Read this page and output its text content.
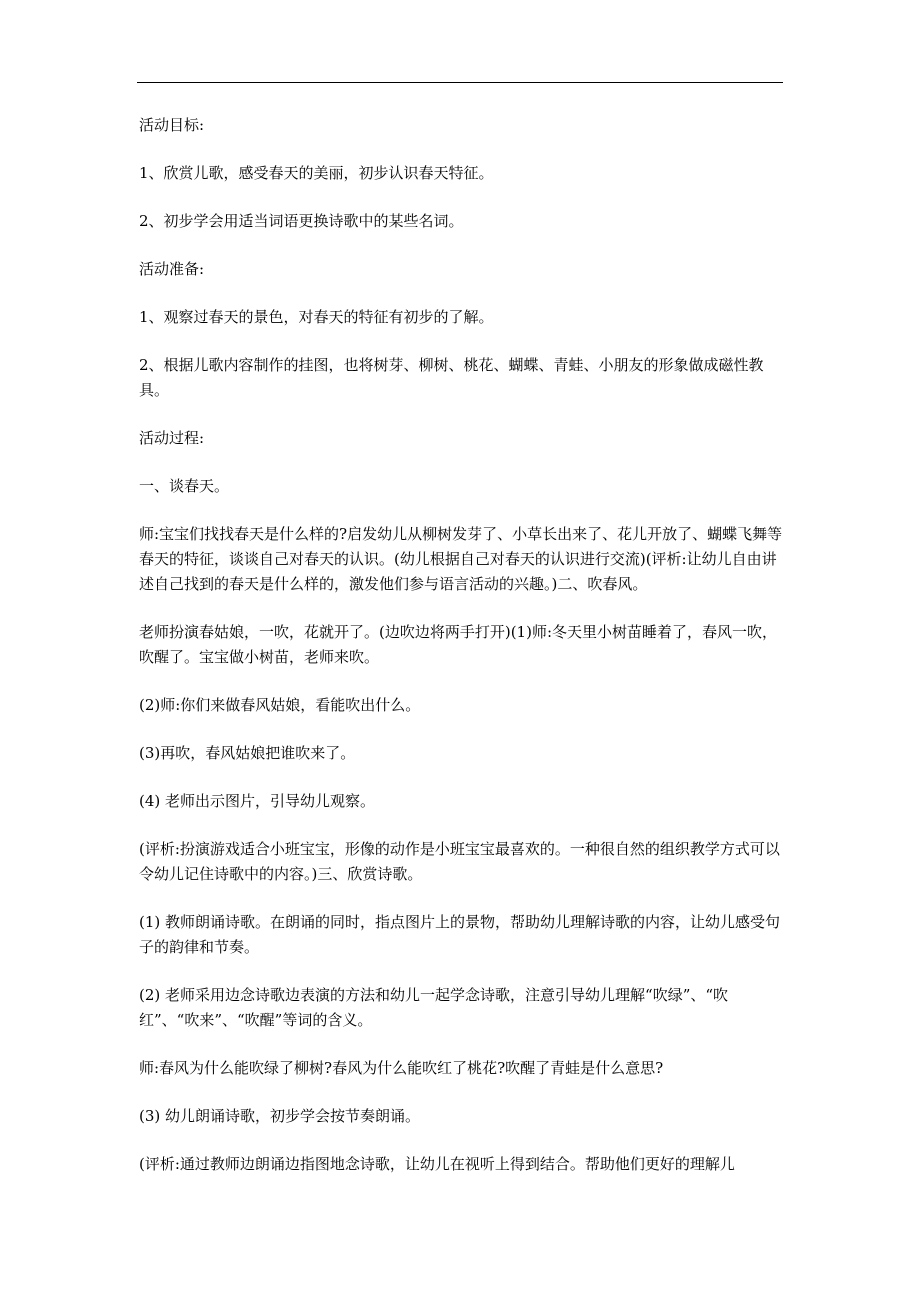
活动目标:

1、欣赏儿歌，感受春天的美丽，初步认识春天特征。

2、初步学会用适当词语更换诗歌中的某些名词。

活动准备:

1、观察过春天的景色，对春天的特征有初步的了解。

2、根据儿歌内容制作的挂图，也将树芽、柳树、桃花、蝴蝶、青蛙、小朋友的形象做成磁性教具。

活动过程:

一、谈春天。

师:宝宝们找找春天是什么样的?启发幼儿从柳树发芽了、小草长出来了、花儿开放了、蝴蝶飞舞等春天的特征，谈谈自己对春天的认识。(幼儿根据自己对春天的认识进行交流)(评析:让幼儿自由讲述自己找到的春天是什么样的，激发他们参与语言活动的兴趣。)二、吹春风。

老师扮演春姑娘，一吹，花就开了。(边吹边将两手打开)(1)师:冬天里小树苗睡着了，春风一吹，吹醒了。宝宝做小树苗，老师来吹。

(2)师:你们来做春风姑娘，看能吹出什么。

(3)再吹，春风姑娘把谁吹来了。

(4) 老师出示图片，引导幼儿观察。

(评析:扮演游戏适合小班宝宝，形像的动作是小班宝宝最喜欢的。一种很自然的组织教学方式可以令幼儿记住诗歌中的内容。)三、欣赏诗歌。

(1) 教师朗诵诗歌。在朗诵的同时，指点图片上的景物，帮助幼儿理解诗歌的内容，让幼儿感受句子的韵律和节奏。

(2) 老师采用边念诗歌边表演的方法和幼儿一起学念诗歌，注意引导幼儿理解“吹绿”、“吹红”、“吹来”、“吹醒”等词的含义。

师:春风为什么能吹绿了柳树?春风为什么能吹红了桃花?吹醒了青蛙是什么意思?

(3) 幼儿朗诵诗歌，初步学会按节奏朗诵。

(评析:通过教师边朗诵边指图地念诗歌，让幼儿在视听上得到结合。帮助他们更好的理解儿
